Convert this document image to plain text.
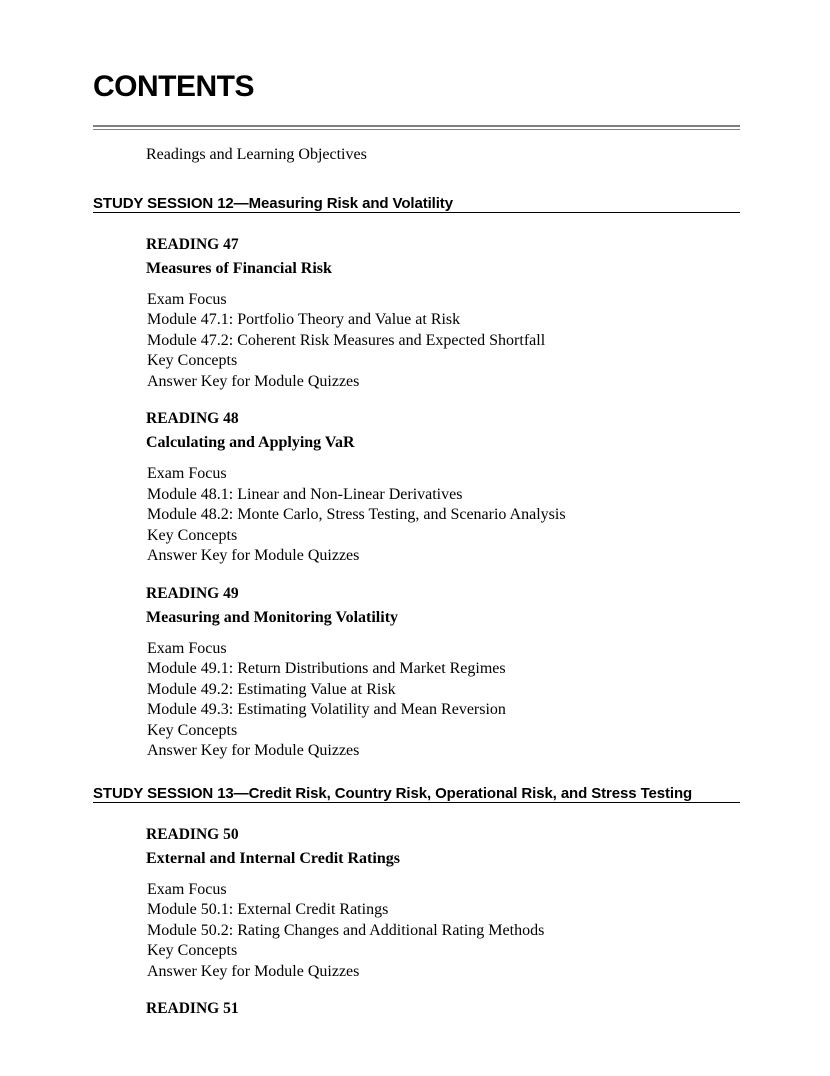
CONTENTS
Readings and Learning Objectives
STUDY SESSION 12—Measuring Risk and Volatility
READING 47
Measures of Financial Risk
Exam Focus
Module 47.1: Portfolio Theory and Value at Risk
Module 47.2: Coherent Risk Measures and Expected Shortfall
Key Concepts
Answer Key for Module Quizzes
READING 48
Calculating and Applying VaR
Exam Focus
Module 48.1: Linear and Non-Linear Derivatives
Module 48.2: Monte Carlo, Stress Testing, and Scenario Analysis
Key Concepts
Answer Key for Module Quizzes
READING 49
Measuring and Monitoring Volatility
Exam Focus
Module 49.1: Return Distributions and Market Regimes
Module 49.2: Estimating Value at Risk
Module 49.3: Estimating Volatility and Mean Reversion
Key Concepts
Answer Key for Module Quizzes
STUDY SESSION 13—Credit Risk, Country Risk, Operational Risk, and Stress Testing
READING 50
External and Internal Credit Ratings
Exam Focus
Module 50.1: External Credit Ratings
Module 50.2: Rating Changes and Additional Rating Methods
Key Concepts
Answer Key for Module Quizzes
READING 51
